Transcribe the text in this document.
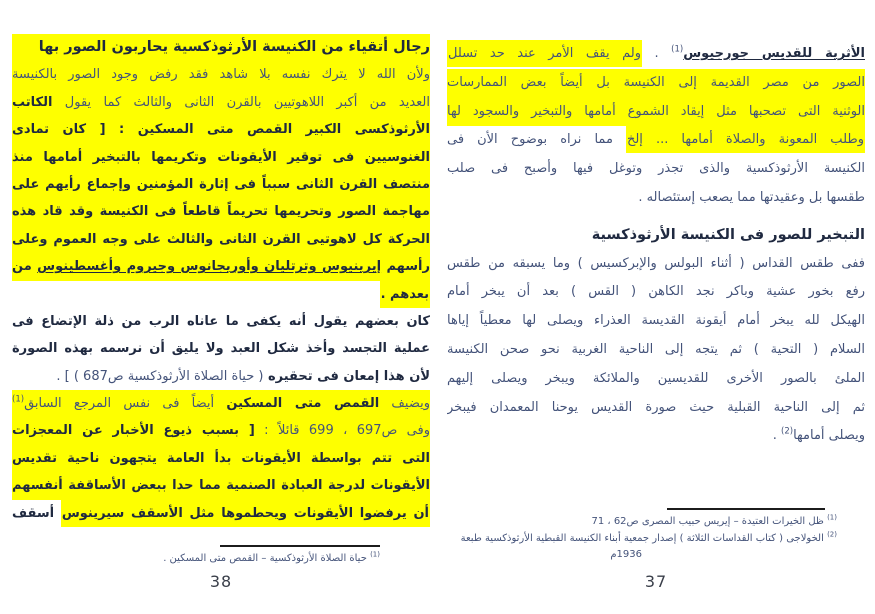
رجال أتقياء من الكنيسة الأرثوذكسية يحاربون الصور بها
ولأن الله لا يترك نفسه بلا شاهد فقد رفض وجود الصور بالكنيسة
العديد من أكبر اللاهوتيين بالقرن الثانى والثالث كما يقول الكاتب
الأرثوذكسى الكبير القمص متى المسكين : [ كان تمادى
الغنوسيين فى توقير الأيقونات وتكريمها بالتبخير أمامها منذ
منتصف القرن الثانى سبباً فى إثارة المؤمنين وإجماع رأيهم على
مهاجمة الصور وتحريمها تحريماً قاطعاً فى الكنيسة وقد قاد هذه
الحركة كل لاهوتيى القرن الثانى والثالث على وجه العموم وعلى
رأسهم إيرينيوس وترتليان وأوريجانوس وجيروم وأغسطينوس من
بعدهم .
كان بعضهم يقول أنه يكفى ما عاناه الرب من ذلة الإتضاع فى
عملية التجسد وأخذ شكل العبد ولا يليق أن نرسمه بهذه الصورة
لأن هذا إمعان فى تحقيره ( حياة الصلاة الأرثوذكسية ص687 ) ] .
ويضيف القمص متى المسكين أيضاً فى نفس المرجع السابق$^{(1)}$
وفى ص697 ‏، 699 قائلاً : [ بسبب ذيوع الأخبار عن المعجزات
التى تتم بواسطة الأيقونات بدأ العامة يتجهون ناحية تقديس
الأيقونات لدرجة العبادة الصنمية مما حدا ببعض الأساقفة أنفسهم
أن يرفضوا الأيقونات ويحطموها مثل الأسقف سيرينوس أسقف
$^{(1)}$ حياة الصلاة الأرثوذكسية – القمص متى المسكين .
38
الأثرية للقديس جورجيوس$^{(1)}$ . ولم يقف الأمر عند حد تسلل
الصور من مصر القديمة إلى الكنيسة بل أيضاً بعض الممارسات
الوثنية التى تصحبها مثل إيقاد الشموع أمامها والتبخير والسجود لها
وطلب المعونة والصلاة أمامها ... إلخ مما نراه بوضوح الأن فى
الكنيسة الأرثوذكسية والذى تجذر وتوغل فيها وأصبح فى صلب
طقسها بل وعقيدتها مما يصعب إستئصاله .
التبخير للصور فى الكنيسة الأرثوذكسية
ففى طقس القداس ( أثناء البولس والإبركسيس ) وما يسبقه من طقس
رفع بخور عشية وباكر نجد الكاهن ( القس ) بعد أن يبخر أمام
الهيكل لله يبخر أمام أيقونة القديسة العذراء ويصلى لها معطياً إياها
السلام ( التحية ) ثم يتجه إلى الناحية الغربية نحو صحن الكنيسة
الملئ بالصور الأخرى للقديسين والملائكة ويبخر ويصلى إليهم
ثم إلى الناحية القبلية حيث صورة القديس يوحنا المعمدان فيبخر
ويصلى أمامها$^{(2)}$ .
$^{(1)}$ ظل الخيرات العتيدة – إيريس حبيب المصرى ص62 ‏، 71
$^{(2)}$ الخولاجى ( كتاب القداسات الثلاثة ) إصدار جمعية أبناء الكنيسة القبطية الأرثوذكسية طبعة
1936م
37
